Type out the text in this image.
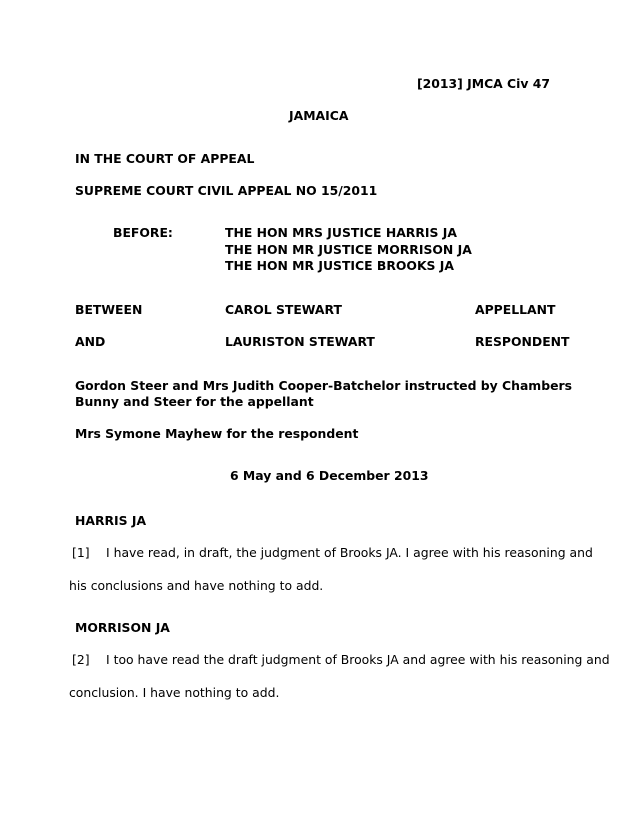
[2013] JMCA Civ 47
JAMAICA
IN THE COURT OF APPEAL
SUPREME COURT CIVIL APPEAL NO 15/2011
BEFORE:	THE HON MRS JUSTICE HARRIS JA
THE HON MR JUSTICE MORRISON JA
THE HON MR JUSTICE BROOKS JA
BETWEEN	CAROL STEWART	APPELLANT
AND	LAURISTON STEWART	RESPONDENT
Gordon Steer and Mrs Judith Cooper-Batchelor instructed by Chambers
Bunny and Steer for the appellant
Mrs Symone Mayhew for the respondent
6 May and 6 December 2013
HARRIS JA
[1] I have read, in draft, the judgment of Brooks JA. I agree with his reasoning and
his conclusions and have nothing to add.
MORRISON JA
[2] I too have read the draft judgment of Brooks JA and agree with his reasoning and
conclusion. I have nothing to add.
